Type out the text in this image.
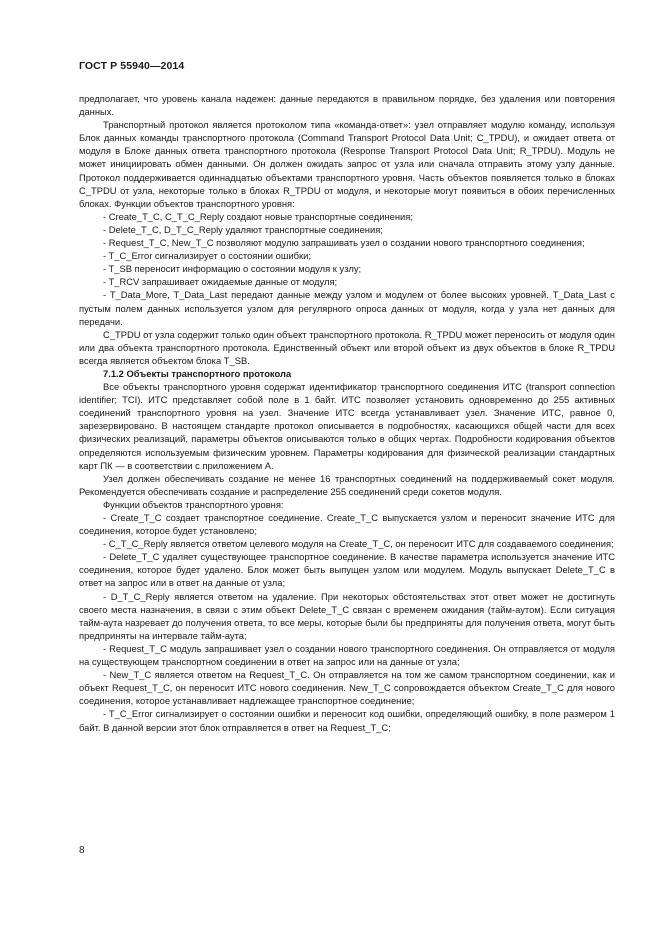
ГОСТ Р 55940—2014

предполагает, что уровень канала надежен: данные передаются в правильном порядке, без удаления или повторения данных.

Транспортный протокол является протоколом типа «команда-ответ»: узел отправляет модулю команду, используя Блок данных команды транспортного протокола (Command Transport Protocol Data Unit; C_TPDU), и ожидает ответа от модуля в Блоке данных ответа транспортного протокола (Response Transport Protocol Data Unit; R_TPDU). Модуль не может инициировать обмен данными. Он должен ожидать запрос от узла или сначала отправить этому узлу данные. Протокол поддерживается одиннадцатью объектами транспортного уровня. Часть объектов появляется только в блоках C_TPDU от узла, некоторые только в блоках R_TPDU от модуля, и некоторые могут появиться в обоих перечисленных блоках. Функции объектов транспортного уровня:

- Create_T_C, C_T_C_Reply создают новые транспортные соединения;

- Delete_T_C, D_T_C_Reply удаляют транспортные соединения;

- Request_T_C, New_T_C позволяют модулю запрашивать узел о создании нового транспортного соединения;

- T_C_Error сигнализирует о состоянии ошибки;

- T_SB переносит информацию о состоянии модуля к узлу;

- T_RCV запрашивает ожидаемые данные от модуля;

- T_Data_More, T_Data_Last передают данные между узлом и модулем от более высоких уровней. T_Data_Last с пустым полем данных используется узлом для регулярного опроса данных от модуля, когда у узла нет данных для передачи.

C_TPDU от узла содержит только один объект транспортного протокола. R_TPDU может переносить от модуля один или два объекта транспортного протокола. Единственный объект или второй объект из двух объектов в блоке R_TPDU всегда является объектом блока T_SB.

7.1.2 Объекты транспортного протокола

Все объекты транспортного уровня содержат идентификатор транспортного соединения ИТС (transport connection identifier; TCI). ИТС представляет собой поле в 1 байт. ИТС позволяет установить одновременно до 255 активных соединений транспортного уровня на узел. Значение ИТС всегда устанавливает узел. Значение ИТС, равное 0, зарезервировано. В настоящем стандарте протокол описывается в подробностях, касающихся общей части для всех физических реализаций, параметры объектов описываются только в общих чертах. Подробности кодирования объектов определяются используемым физическим уровнем. Параметры кодирования для физической реализации стандартных карт ПК — в соответствии с приложением А.

Узел должен обеспечивать создание не менее 16 транспортных соединений на поддерживаемый сокет модуля. Рекомендуется обеспечивать создание и распределение 255 соединений среди сокетов модуля.

Функции объектов транспортного уровня:

- Create_T_C создает транспортное соединение. Create_T_C выпускается узлом и переносит значение ИТС для соединения, которое будет установлено;

- C_T_C_Reply является ответом целевого модуля на Create_T_C, он переносит ИТС для создаваемого соединения;

- Delete_T_C удаляет существующее транспортное соединение. В качестве параметра используется значение ИТС соединения, которое будет удалено. Блок может быть выпущен узлом или модулем. Модуль выпускает Delete_T_C в ответ на запрос или в ответ на данные от узла;

- D_T_C_Reply является ответом на удаление. При некоторых обстоятельствах этот ответ может не достигнуть своего места назначения, в связи с этим объект Delete_T_C связан с временем ожидания (тайм-аутом). Если ситуация тайм-аута назревает до получения ответа, то все меры, которые были бы предприняты для получения ответа, могут быть предприняты на интервале тайм-аута;

- Request_T_C модуль запрашивает узел о создании нового транспортного соединения. Он отправляется от модуля на существующем транспортном соединении в ответ на запрос или на данные от узла;

- New_T_C является ответом на Request_T_C. Он отправляется на том же самом транспортном соединении, как и объект Request_T_C, он переносит ИТС нового соединения. New_T_C сопровождается объектом Create_T_C для нового соединения, которое устанавливает надлежащее транспортное соединение;

- T_C_Error сигнализирует о состоянии ошибки и переносит код ошибки, определяющий ошибку, в поле размером 1 байт. В данной версии этот блок отправляется в ответ на Request_T_C;

8
